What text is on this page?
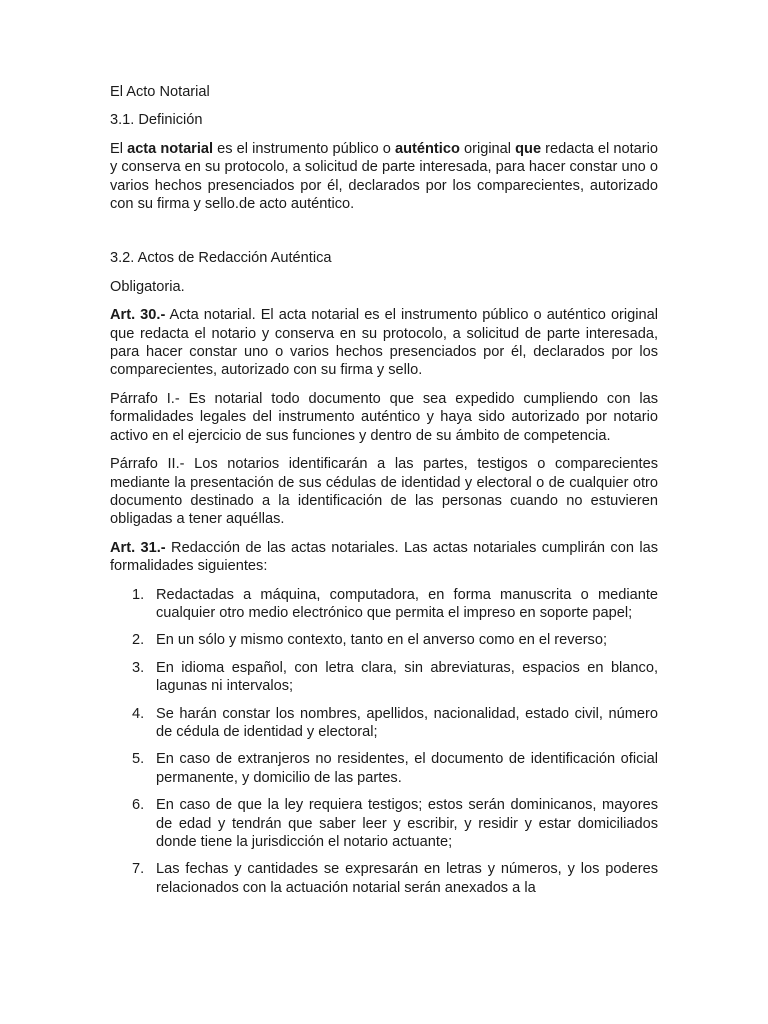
El Acto Notarial

3.1. Definición

El acta notarial es el instrumento público o auténtico original que redacta el notario y conserva en su protocolo, a solicitud de parte interesada, para hacer constar uno o varios hechos presenciados por él, declarados por los comparecientes, autorizado con su firma y sello.de acto auténtico.

3.2. Actos de Redacción Auténtica

Obligatoria.

Art. 30.- Acta notarial. El acta notarial es el instrumento público o auténtico original que redacta el notario y conserva en su protocolo, a solicitud de parte interesada, para hacer constar uno o varios hechos presenciados por él, declarados por los comparecientes, autorizado con su firma y sello.

Párrafo I.- Es notarial todo documento que sea expedido cumpliendo con las formalidades legales del instrumento auténtico y haya sido autorizado por notario activo en el ejercicio de sus funciones y dentro de su ámbito de competencia.

Párrafo II.- Los notarios identificarán a las partes, testigos o comparecientes mediante la presentación de sus cédulas de identidad y electoral o de cualquier otro documento destinado a la identificación de las personas cuando no estuvieren obligadas a tener aquéllas.

Art. 31.- Redacción de las actas notariales. Las actas notariales cumplirán con las formalidades siguientes:

1. Redactadas a máquina, computadora, en forma manuscrita o mediante cualquier otro medio electrónico que permita el impreso en soporte papel;
2. En un sólo y mismo contexto, tanto en el anverso como en el reverso;
3. En idioma español, con letra clara, sin abreviaturas, espacios en blanco, lagunas ni intervalos;
4. Se harán constar los nombres, apellidos, nacionalidad, estado civil, número de cédula de identidad y electoral;
5. En caso de extranjeros no residentes, el documento de identificación oficial permanente, y domicilio de las partes.
6. En caso de que la ley requiera testigos; estos serán dominicanos, mayores de edad y tendrán que saber leer y escribir, y residir y estar domiciliados donde tiene la jurisdicción el notario actuante;
7. Las fechas y cantidades se expresarán en letras y números, y los poderes relacionados con la actuación notarial serán anexados a la
